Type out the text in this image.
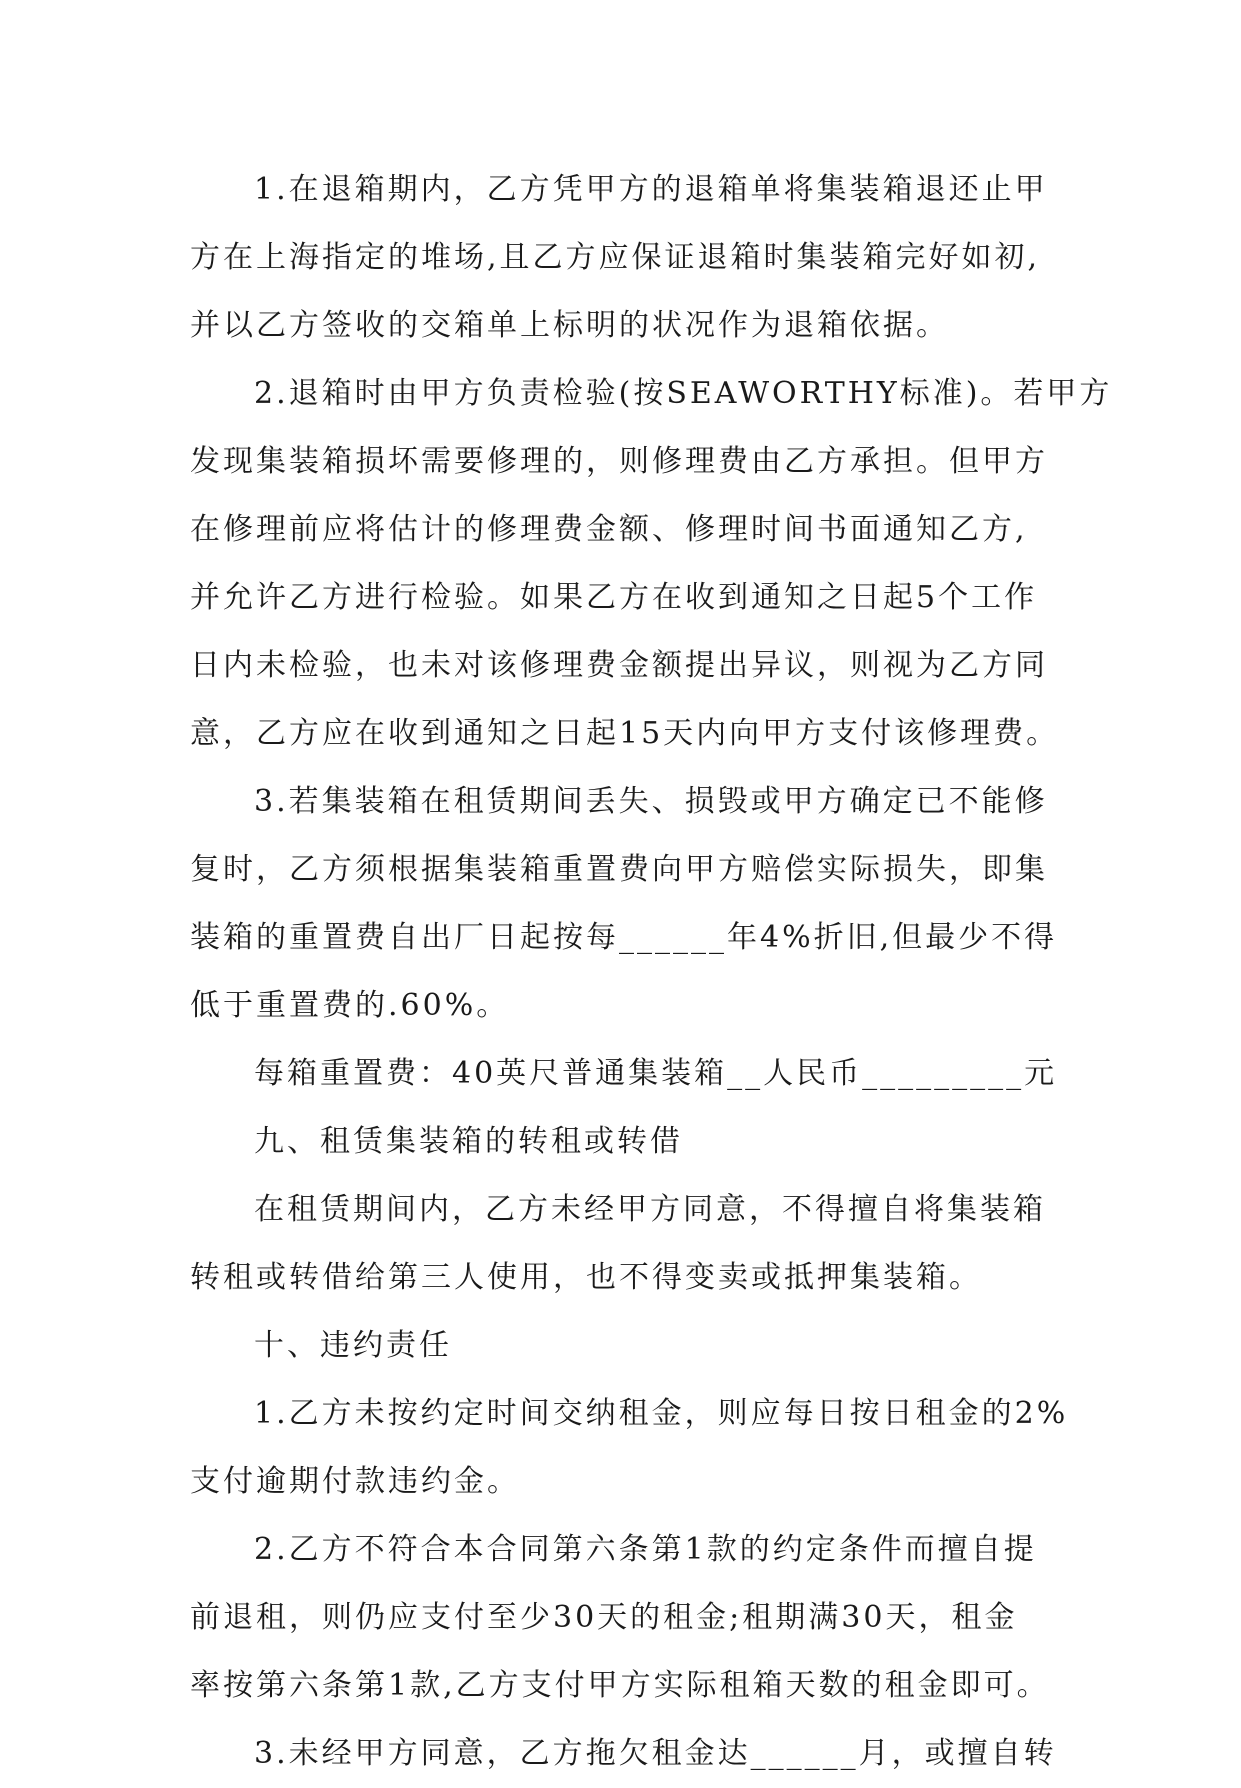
1.在退箱期内，乙方凭甲方的退箱单将集装箱退还止甲
方在上海指定的堆场,且乙方应保证退箱时集装箱完好如初,
并以乙方签收的交箱单上标明的状况作为退箱依据。
2.退箱时由甲方负责检验(按SEAWORTHY标准)。若甲方
发现集装箱损坏需要修理的，则修理费由乙方承担。但甲方
在修理前应将估计的修理费金额、修理时间书面通知乙方,
并允许乙方进行检验。如果乙方在收到通知之日起5个工作
日内未检验，也未对该修理费金额提出异议，则视为乙方同
意，乙方应在收到通知之日起15天内向甲方支付该修理费。
3.若集装箱在租赁期间丢失、损毁或甲方确定已不能修
复时，乙方须根据集装箱重置费向甲方赔偿实际损失，即集
装箱的重置费自出厂日起按每______年4%折旧,但最少不得
低于重置费的.60%。
每箱重置费：40英尺普通集装箱__人民币_________元
九、租赁集装箱的转租或转借
在租赁期间内，乙方未经甲方同意，不得擅自将集装箱
转租或转借给第三人使用，也不得变卖或抵押集装箱。
十、违约责任
1.乙方未按约定时间交纳租金，则应每日按日租金的2%
支付逾期付款违约金。
2.乙方不符合本合同第六条第1款的约定条件而擅自提
前退租，则仍应支付至少30天的租金;租期满30天，租金
率按第六条第1款,乙方支付甲方实际租箱天数的租金即可。
3.未经甲方同意，乙方拖欠租金达______月，或擅自转
